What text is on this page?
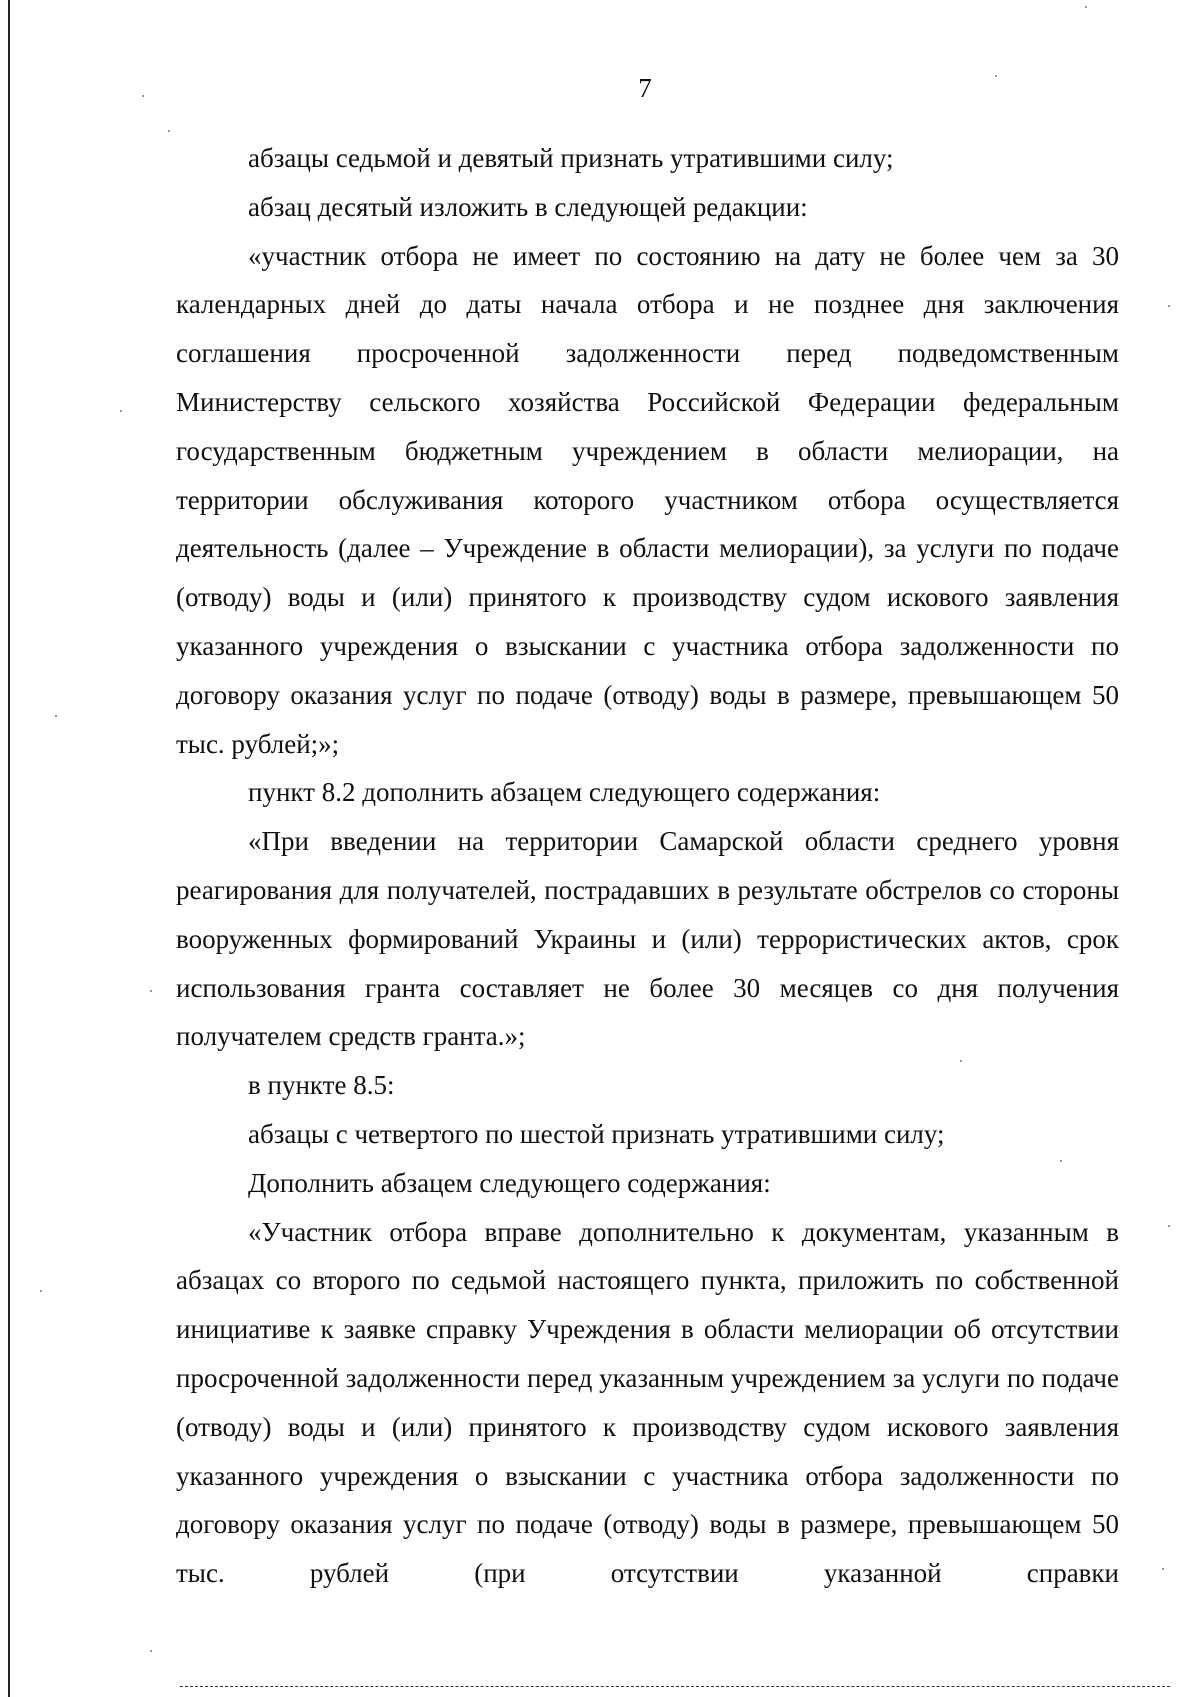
7

абзацы седьмой и девятый признать утратившими силу;

абзац десятый изложить в следующей редакции:

«участник отбора не имеет по состоянию на дату не более чем за 30 календарных дней до даты начала отбора и не позднее дня заключения соглашения просроченной задолженности перед подведомственным Министерству сельского хозяйства Российской Федерации федеральным государственным бюджетным учреждением в области мелиорации, на территории обслуживания которого участником отбора осуществляется деятельность (далее – Учреждение в области мелиорации), за услуги по подаче (отводу) воды и (или) принятого к производству судом искового заявления указанного учреждения о взыскании с участника отбора задолженности по договору оказания услуг по подаче (отводу) воды в размере, превышающем 50 тыс. рублей;»;

пункт 8.2 дополнить абзацем следующего содержания:

«При введении на территории Самарской области среднего уровня реагирования для получателей, пострадавших в результате обстрелов со стороны вооруженных формирований Украины и (или) террористических актов, срок использования гранта составляет не более 30 месяцев со дня получения получателем средств гранта.»;

в пункте 8.5:

абзацы с четвертого по шестой признать утратившими силу;

Дополнить абзацем следующего содержания:

«Участник отбора вправе дополнительно к документам, указанным в абзацах со второго по седьмой настоящего пункта, приложить по собственной инициативе к заявке справку Учреждения в области мелиорации об отсутствии просроченной задолженности перед указанным учреждением за услуги по подаче (отводу) воды и (или) принятого к производству судом искового заявления указанного учреждения о взыскании с участника отбора задолженности по договору оказания услуг по подаче (отводу) воды в размере, превышающем 50 тыс. рублей (при отсутствии указанной справки
